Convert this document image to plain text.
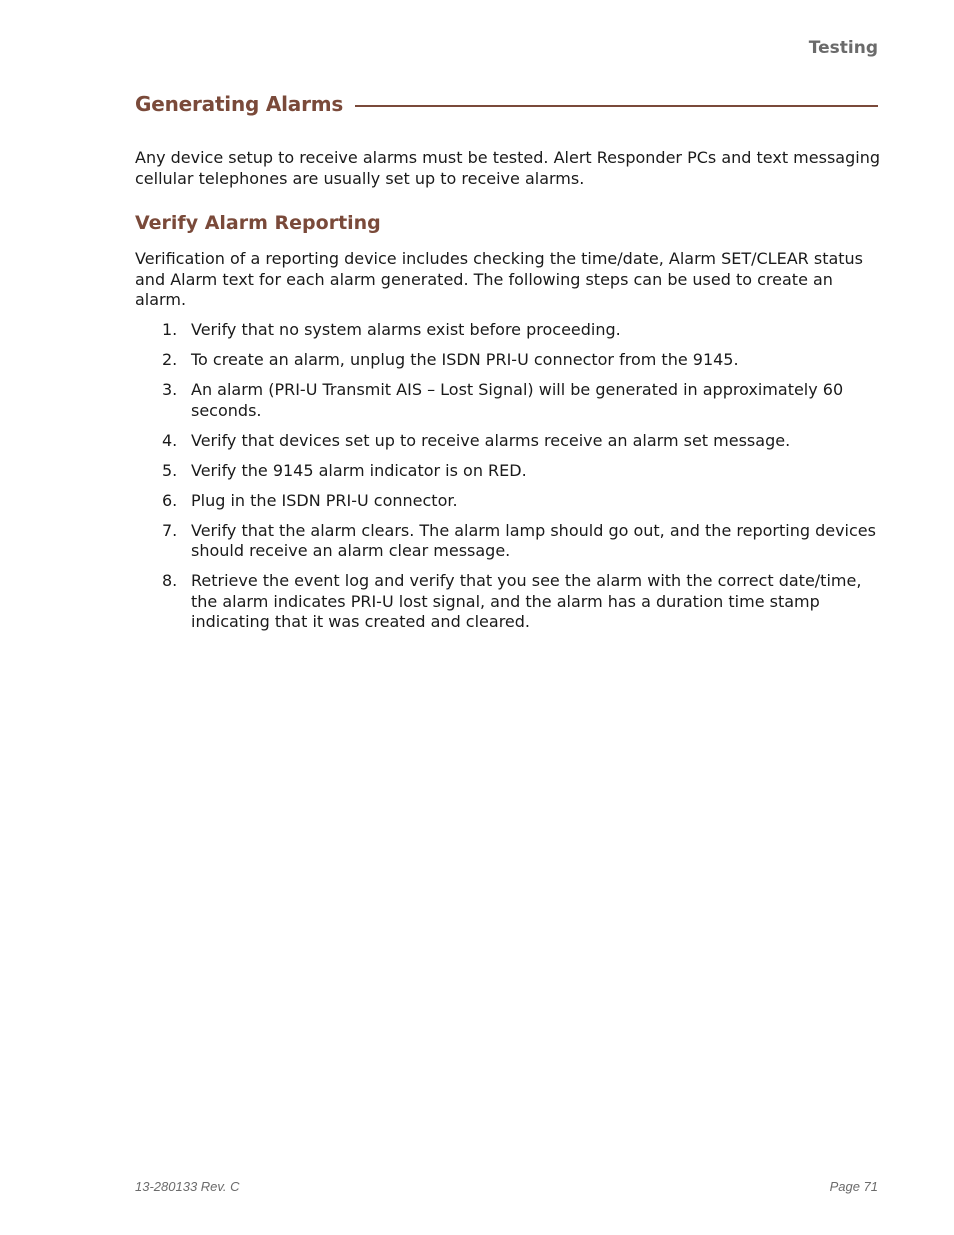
Testing
Generating Alarms

Any device setup to receive alarms must be tested. Alert Responder PCs and text messaging cellular telephones are usually set up to receive alarms.

Verify Alarm Reporting

Verification of a reporting device includes checking the time/date, Alarm SET/CLEAR status and Alarm text for each alarm generated. The following steps can be used to create an alarm.

1. Verify that no system alarms exist before proceeding.
2. To create an alarm, unplug the ISDN PRI-U connector from the 9145.
3. An alarm (PRI-U Transmit AIS – Lost Signal) will be generated in approximately 60 seconds.
4. Verify that devices set up to receive alarms receive an alarm set message.
5. Verify the 9145 alarm indicator is on RED.
6. Plug in the ISDN PRI-U connector.
7. Verify that the alarm clears. The alarm lamp should go out, and the reporting devices should receive an alarm clear message.
8. Retrieve the event log and verify that you see the alarm with the correct date/time, the alarm indicates PRI-U lost signal, and the alarm has a duration time stamp indicating that it was created and cleared.
13-280133 Rev. C	Page 71
